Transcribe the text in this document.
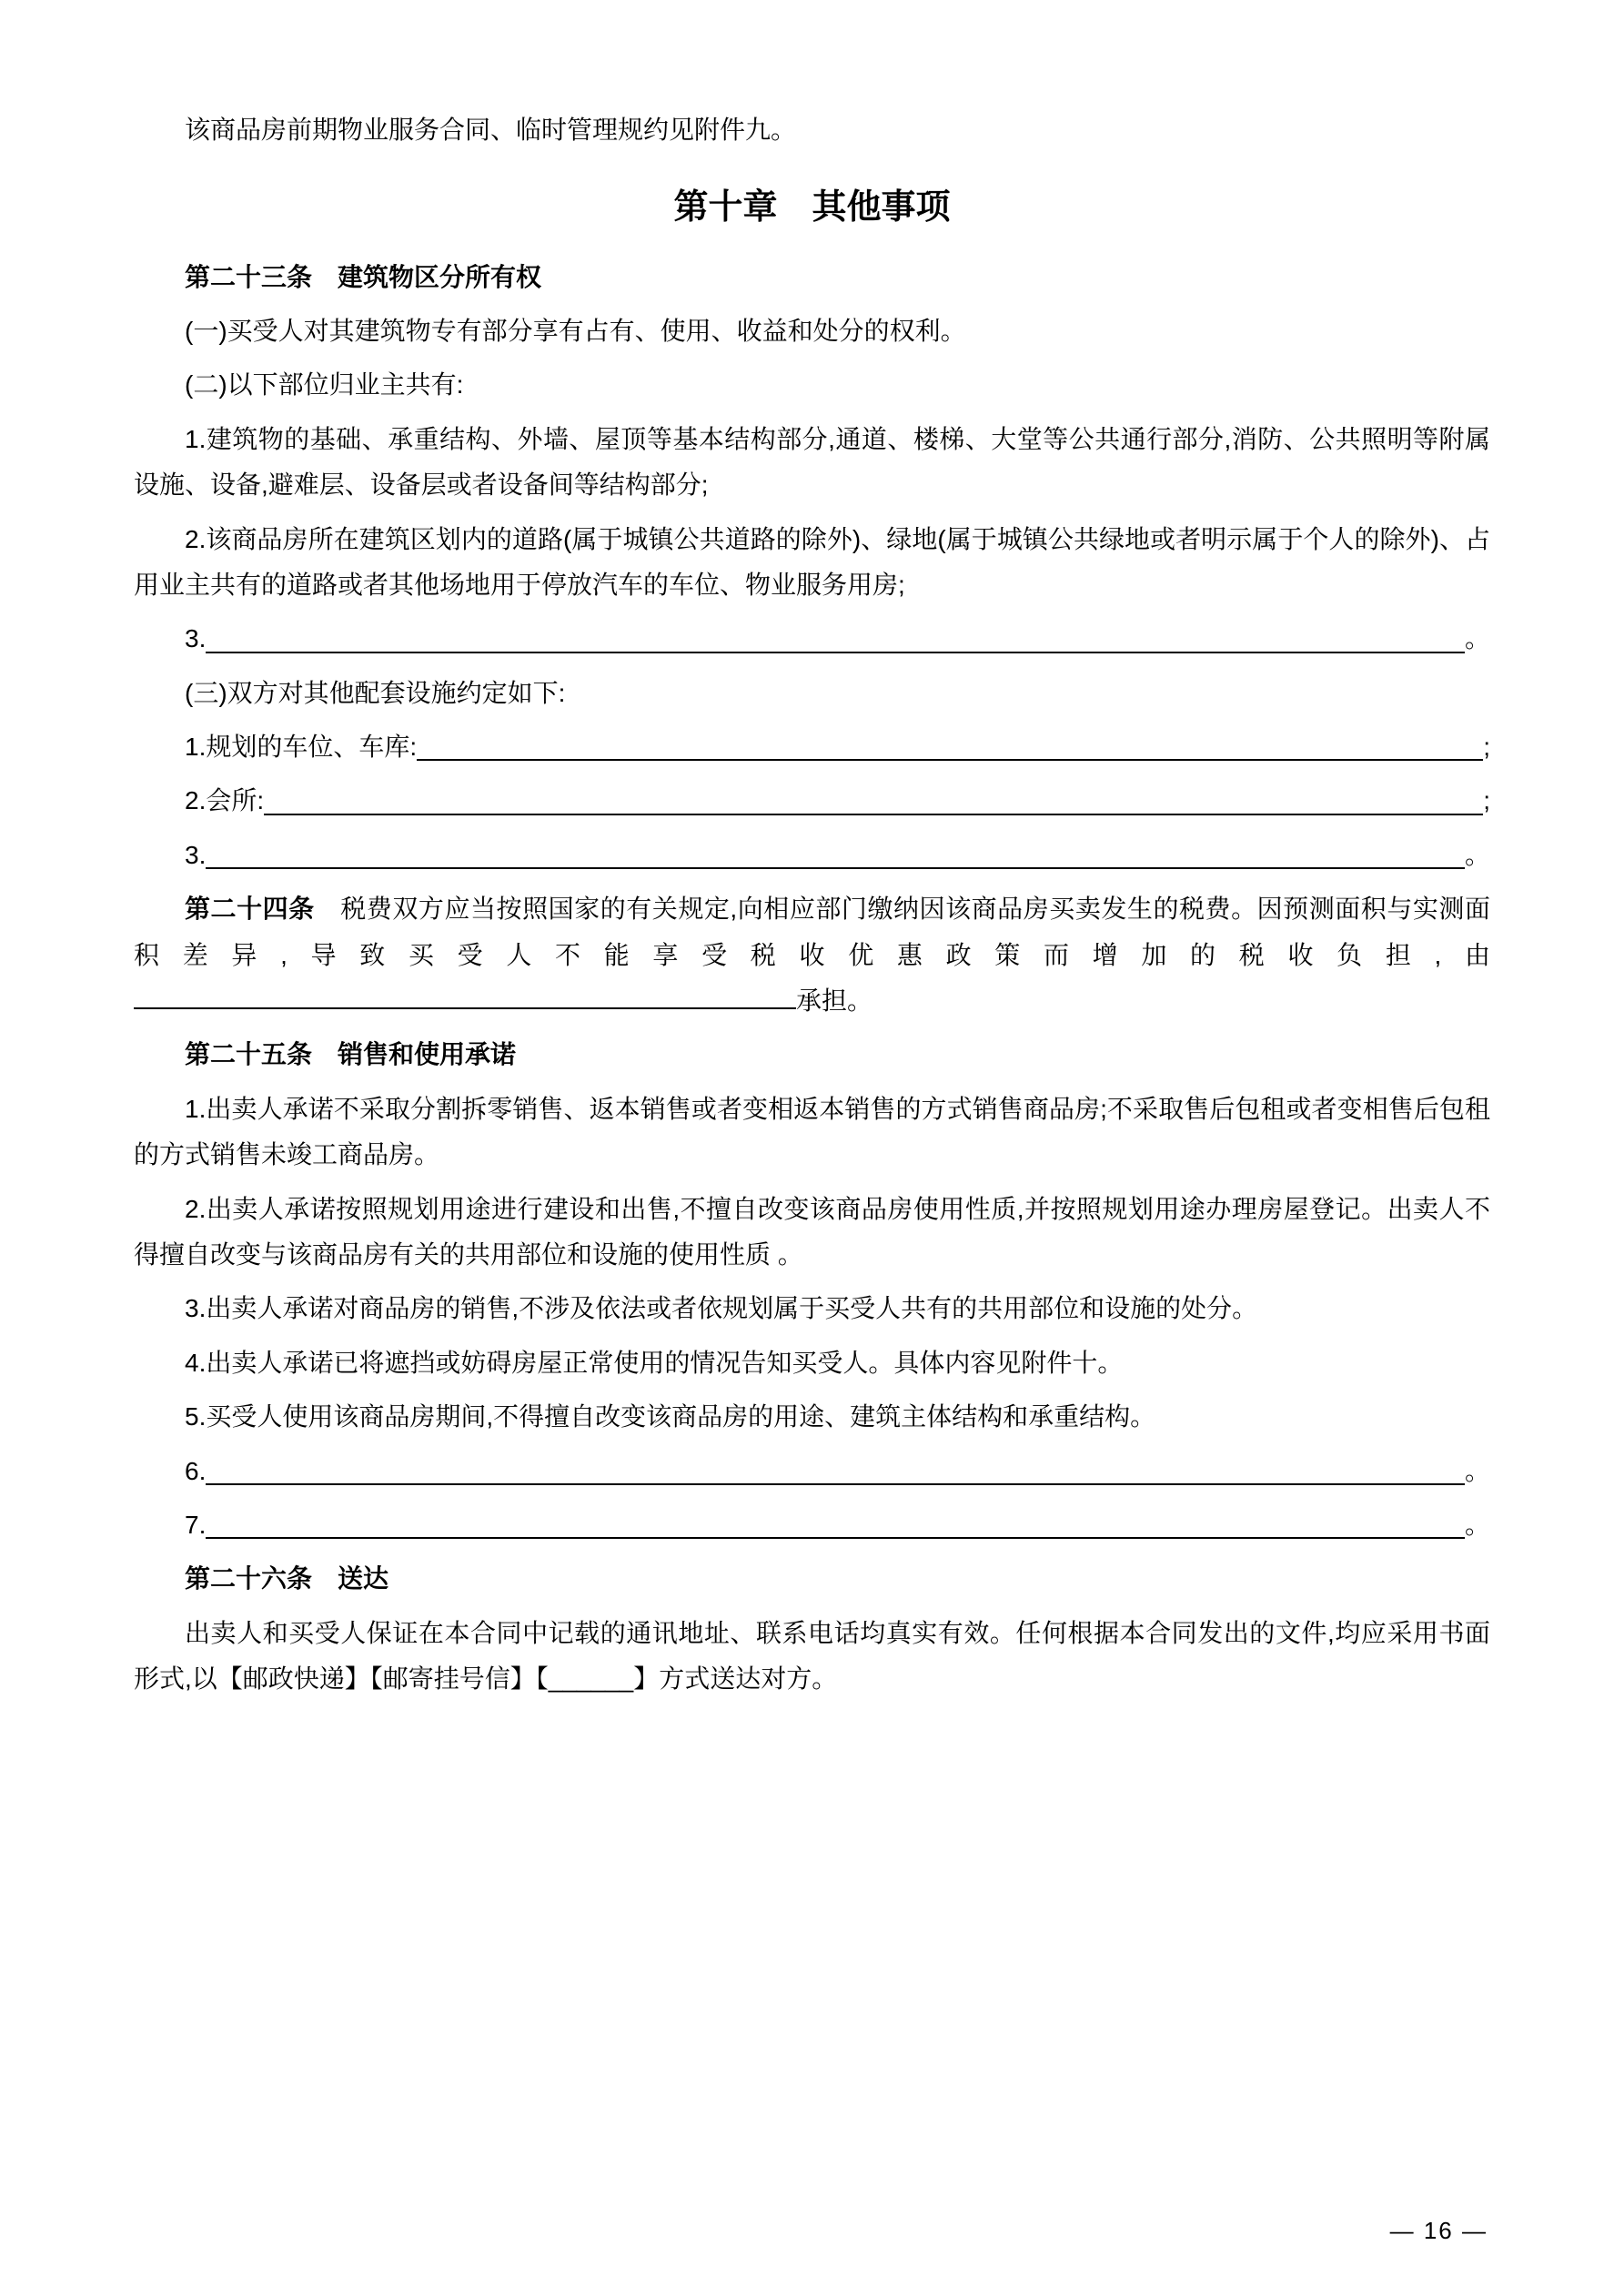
该商品房前期物业服务合同、临时管理规约见附件九。

第十章　其他事项

第二十三条　建筑物区分所有权

(一)买受人对其建筑物专有部分享有占有、使用、收益和处分的权利。

(二)以下部位归业主共有:

1.建筑物的基础、承重结构、外墙、屋顶等基本结构部分,通道、楼梯、大堂等公共通行部分,消防、公共照明等附属设施、设备,避难层、设备层或者设备间等结构部分;

2.该商品房所在建筑区划内的道路(属于城镇公共道路的除外)、绿地(属于城镇公共绿地或者明示属于个人的除外)、占用业主共有的道路或者其他场地用于停放汽车的车位、物业服务用房;

3.	。

(三)双方对其他配套设施约定如下:

1.规划的车位、车库:	;
2.会所:	;
3.	。

第二十四条　税费双方应当按照国家的有关规定,向相应部门缴纳因该商品房买卖发生的税费。因预测面积与实测面积差异,导致买受人不能享受税收优惠政策而增加的税收负担,由承担。

第二十五条　销售和使用承诺

1.出卖人承诺不采取分割拆零销售、返本销售或者变相返本销售的方式销售商品房;不采取售后包租或者变相售后包租的方式销售未竣工商品房。

2.出卖人承诺按照规划用途进行建设和出售,不擅自改变该商品房使用性质,并按照规划用途办理房屋登记。出卖人不得擅自改变与该商品房有关的共用部位和设施的使用性质 。

3.出卖人承诺对商品房的销售,不涉及依法或者依规划属于买受人共有的共用部位和设施的处分。

4.出卖人承诺已将遮挡或妨碍房屋正常使用的情况告知买受人。具体内容见附件十。

5.买受人使用该商品房期间,不得擅自改变该商品房的用途、建筑主体结构和承重结构。

6.	。
7.	。

第二十六条　送达

出卖人和买受人保证在本合同中记载的通讯地址、联系电话均真实有效。任何根据本合同发出的文件,均应采用书面形式,以【邮政快递】【邮寄挂号信】【______】方式送达对方。

— 16 —
